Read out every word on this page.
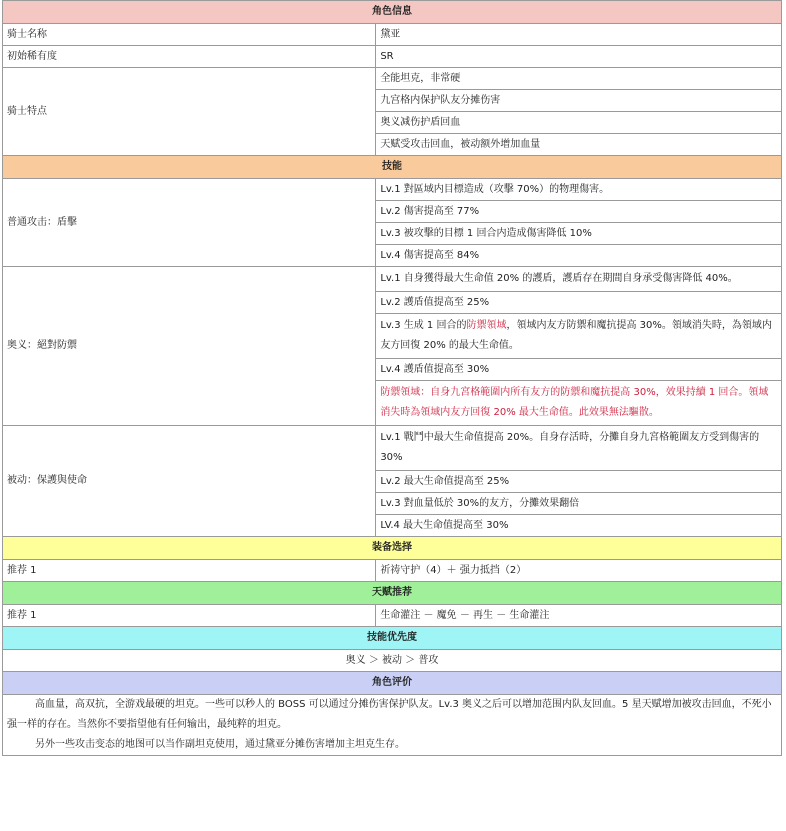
角色信息	
骑士名称	黛亚
初始稀有度	SR
骑士特点	全能坦克，非常硬
	九宫格内保护队友分摊伤害
	奥义减伤护盾回血
	天赋受攻击回血，被动额外增加血量
技能	
普通攻击：盾擊	Lv.1 對區域内目標造成（攻擊 70%）的物理傷害。
	Lv.2 傷害提高至 77%
	Lv.3 被攻擊的目標 1 回合内造成傷害降低 10%
	Lv.4 傷害提高至 84%
奥义：絕對防禦	Lv.1 自身獲得最大生命值 20% 的護盾，護盾存在期間自身承受傷害降低 40%。
	Lv.2 護盾值提高至 25%
	Lv.3 生成 1 回合的防禦領域，領域内友方防禦和魔抗提高 30%。領域消失時，為領域内友方回復 20% 的最大生命值。
	Lv.4 護盾值提高至 30%
	防禦領域：自身九宮格範圍内所有友方的防禦和魔抗提高 30%，效果持續 1 回合。領域消失時為領域内友方回復 20% 最大生命值。此效果無法驅散。
被动：保護與使命	Lv.1 戰鬥中最大生命值提高 20%。自身存活時，分攤自身九宮格範圍友方受到傷害的 30%
	Lv.2 最大生命值提高至 25%
	Lv.3 對血量低於 30%的友方，分攤效果翻倍
	LV.4 最大生命值提高至 30%
装备选择	
推荐 1	祈祷守护（4）＋ 强力抵挡（2）
天赋推荐	
推荐 1	生命灌注 － 魔免 － 再生 － 生命灌注
技能优先度	
奥义 ＞ 被动 ＞ 普攻	
角色评价	

高血量，高双抗，全游戏最硬的坦克。一些可以秒人的 BOSS 可以通过分摊伤害保护队友。Lv.3 奥义之后可以增加范围内队友回血。5 星天赋增加被攻击回血，不死小强一样的存在。当然你不要指望他有任何输出，最纯粹的坦克。

另外一些攻击变态的地图可以当作副坦克使用，通过黛亚分摊伤害增加主坦克生存。	
